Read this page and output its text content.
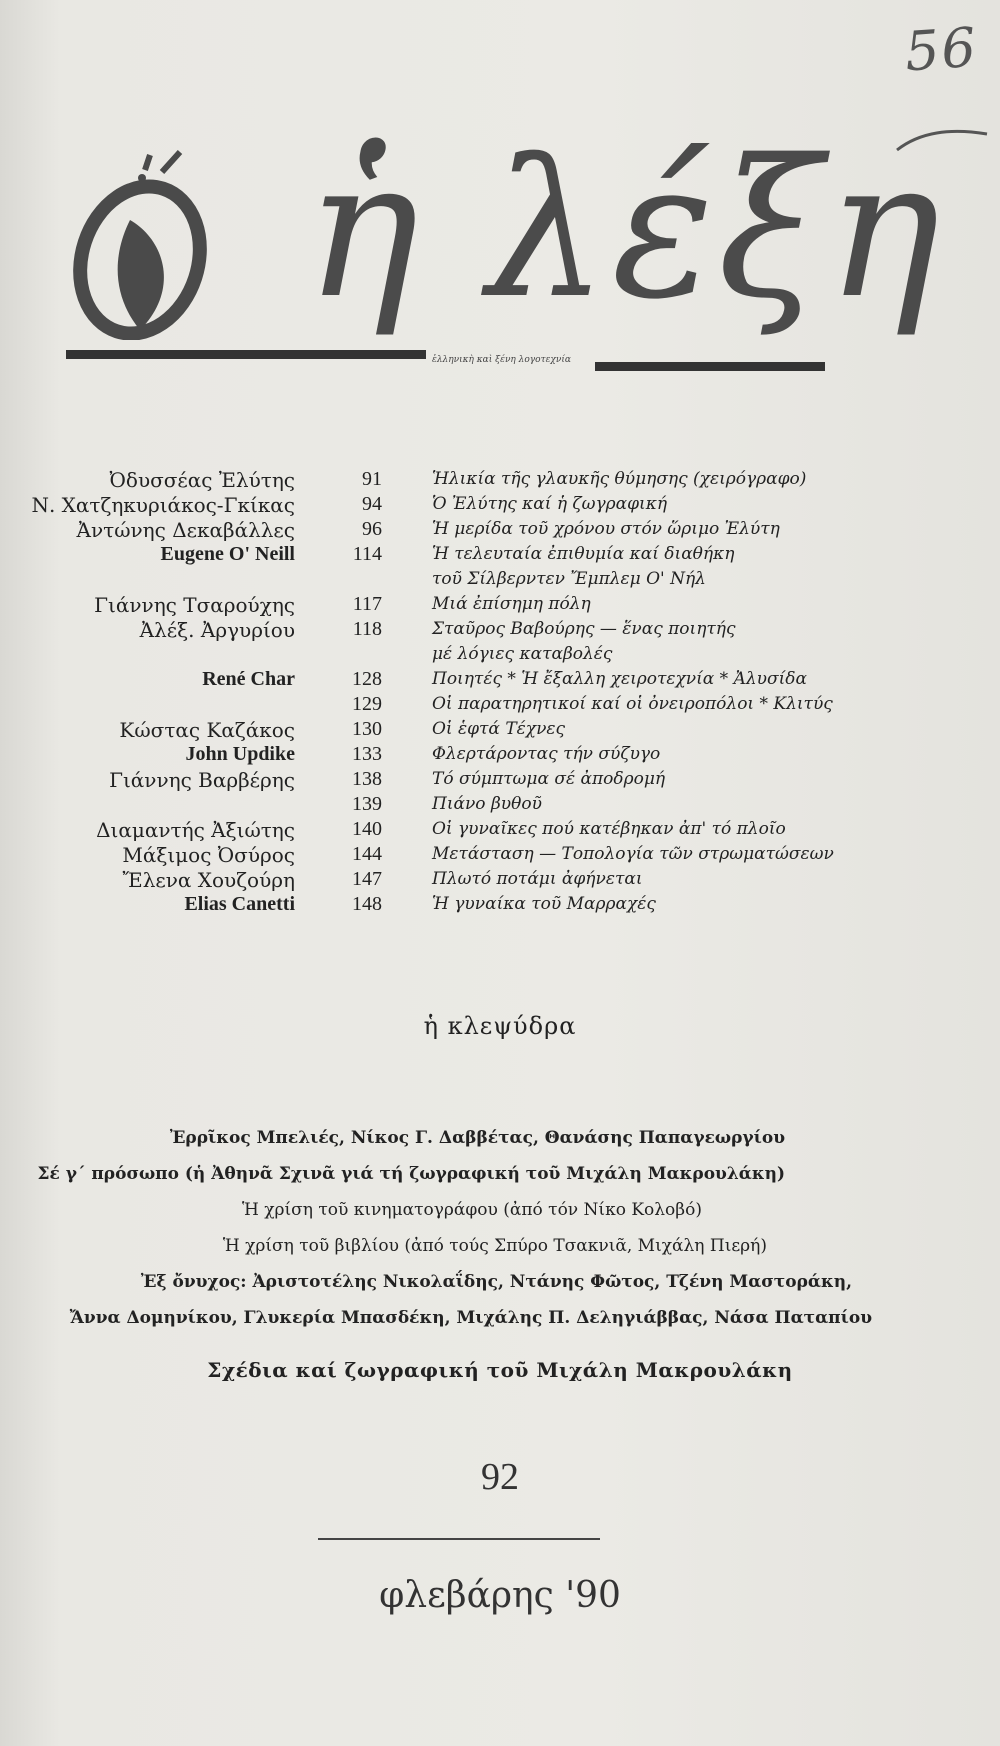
56
ἡ λέξη
ἑλληνικὴ καὶ ξένη λογοτεχνία
Ὀδυσσέας Ἐλύτης	91	Ἡλικία τῆς γλαυκῆς θύμησης (χειρόγραφο)
Ν. Χατζηκυριάκος-Γκίκας	94	Ὁ Ἐλύτης καί ἡ ζωγραφική
Ἀντώνης Δεκαβάλλες	96	Ἡ μερίδα τοῦ χρόνου στόν ὥριμο Ἐλύτη
Eugene O' Neill	114	Ἡ τελευταία ἐπιθυμία καί διαθήκη
τοῦ Σίλβερντεν Ἔμπλεμ Ο' Νήλ
Γιάννης Τσαρούχης	117	Μιά ἐπίσημη πόλη
Ἀλέξ. Ἀργυρίου	118	Σταῦρος Βαβούρης — ἕνας ποιητής
μέ λόγιες καταβολές
René Char	128	Ποιητές * Ἡ ἔξαλλη χειροτεχνία * Ἀλυσίδα
129	Οἱ παρατηρητικοί καί οἱ ὀνειροπόλοι * Κλιτύς
Κώστας Καζάκος	130	Οἱ ἑφτά Τέχνες
John Updike	133	Φλερτάροντας τήν σύζυγο
Γιάννης Βαρβέρης	138	Τό σύμπτωμα σέ ἀποδρομή
139	Πιάνο βυθοῦ
Διαμαντής Ἀξιώτης	140	Οἱ γυναῖκες πού κατέβηκαν ἀπ' τό πλοῖο
Μάξιμος Ὀσύρος	144	Μετάσταση — Τοπολογία τῶν στρωματώσεων
Ἔλενα Χουζούρη	147	Πλωτό ποτάμι ἀφήνεται
Elias Canetti	148	Ἡ γυναίκα τοῦ Μαρραχές
ἡ κλεψύδρα
Ἐρρῖκος Μπελιές, Νίκος Γ. Δαββέτας, Θανάσης Παπαγεωργίου
Σέ γ΄ πρόσωπο (ἡ Ἀθηνᾶ Σχινᾶ γιά τή ζωγραφική τοῦ Μιχάλη Μακρουλάκη)
Ἡ χρίση τοῦ κινηματογράφου (ἀπό τόν Νίκο Κολοβό)
Ἡ χρίση τοῦ βιβλίου (ἀπό τούς Σπύρο Τσακνιᾶ, Μιχάλη Πιερή)
Ἐξ ὄνυχος: Ἀριστοτέλης Νικολαΐδης, Ντάνης Φῶτος, Τζένη Μαστοράκη,
Ἄννα Δομηνίκου, Γλυκερία Μπασδέκη, Μιχάλης Π. Δεληγιάββας, Νάσα Παταπίου
Σχέδια καί ζωγραφική τοῦ Μιχάλη Μακρουλάκη
92
φλεβάρης '90
